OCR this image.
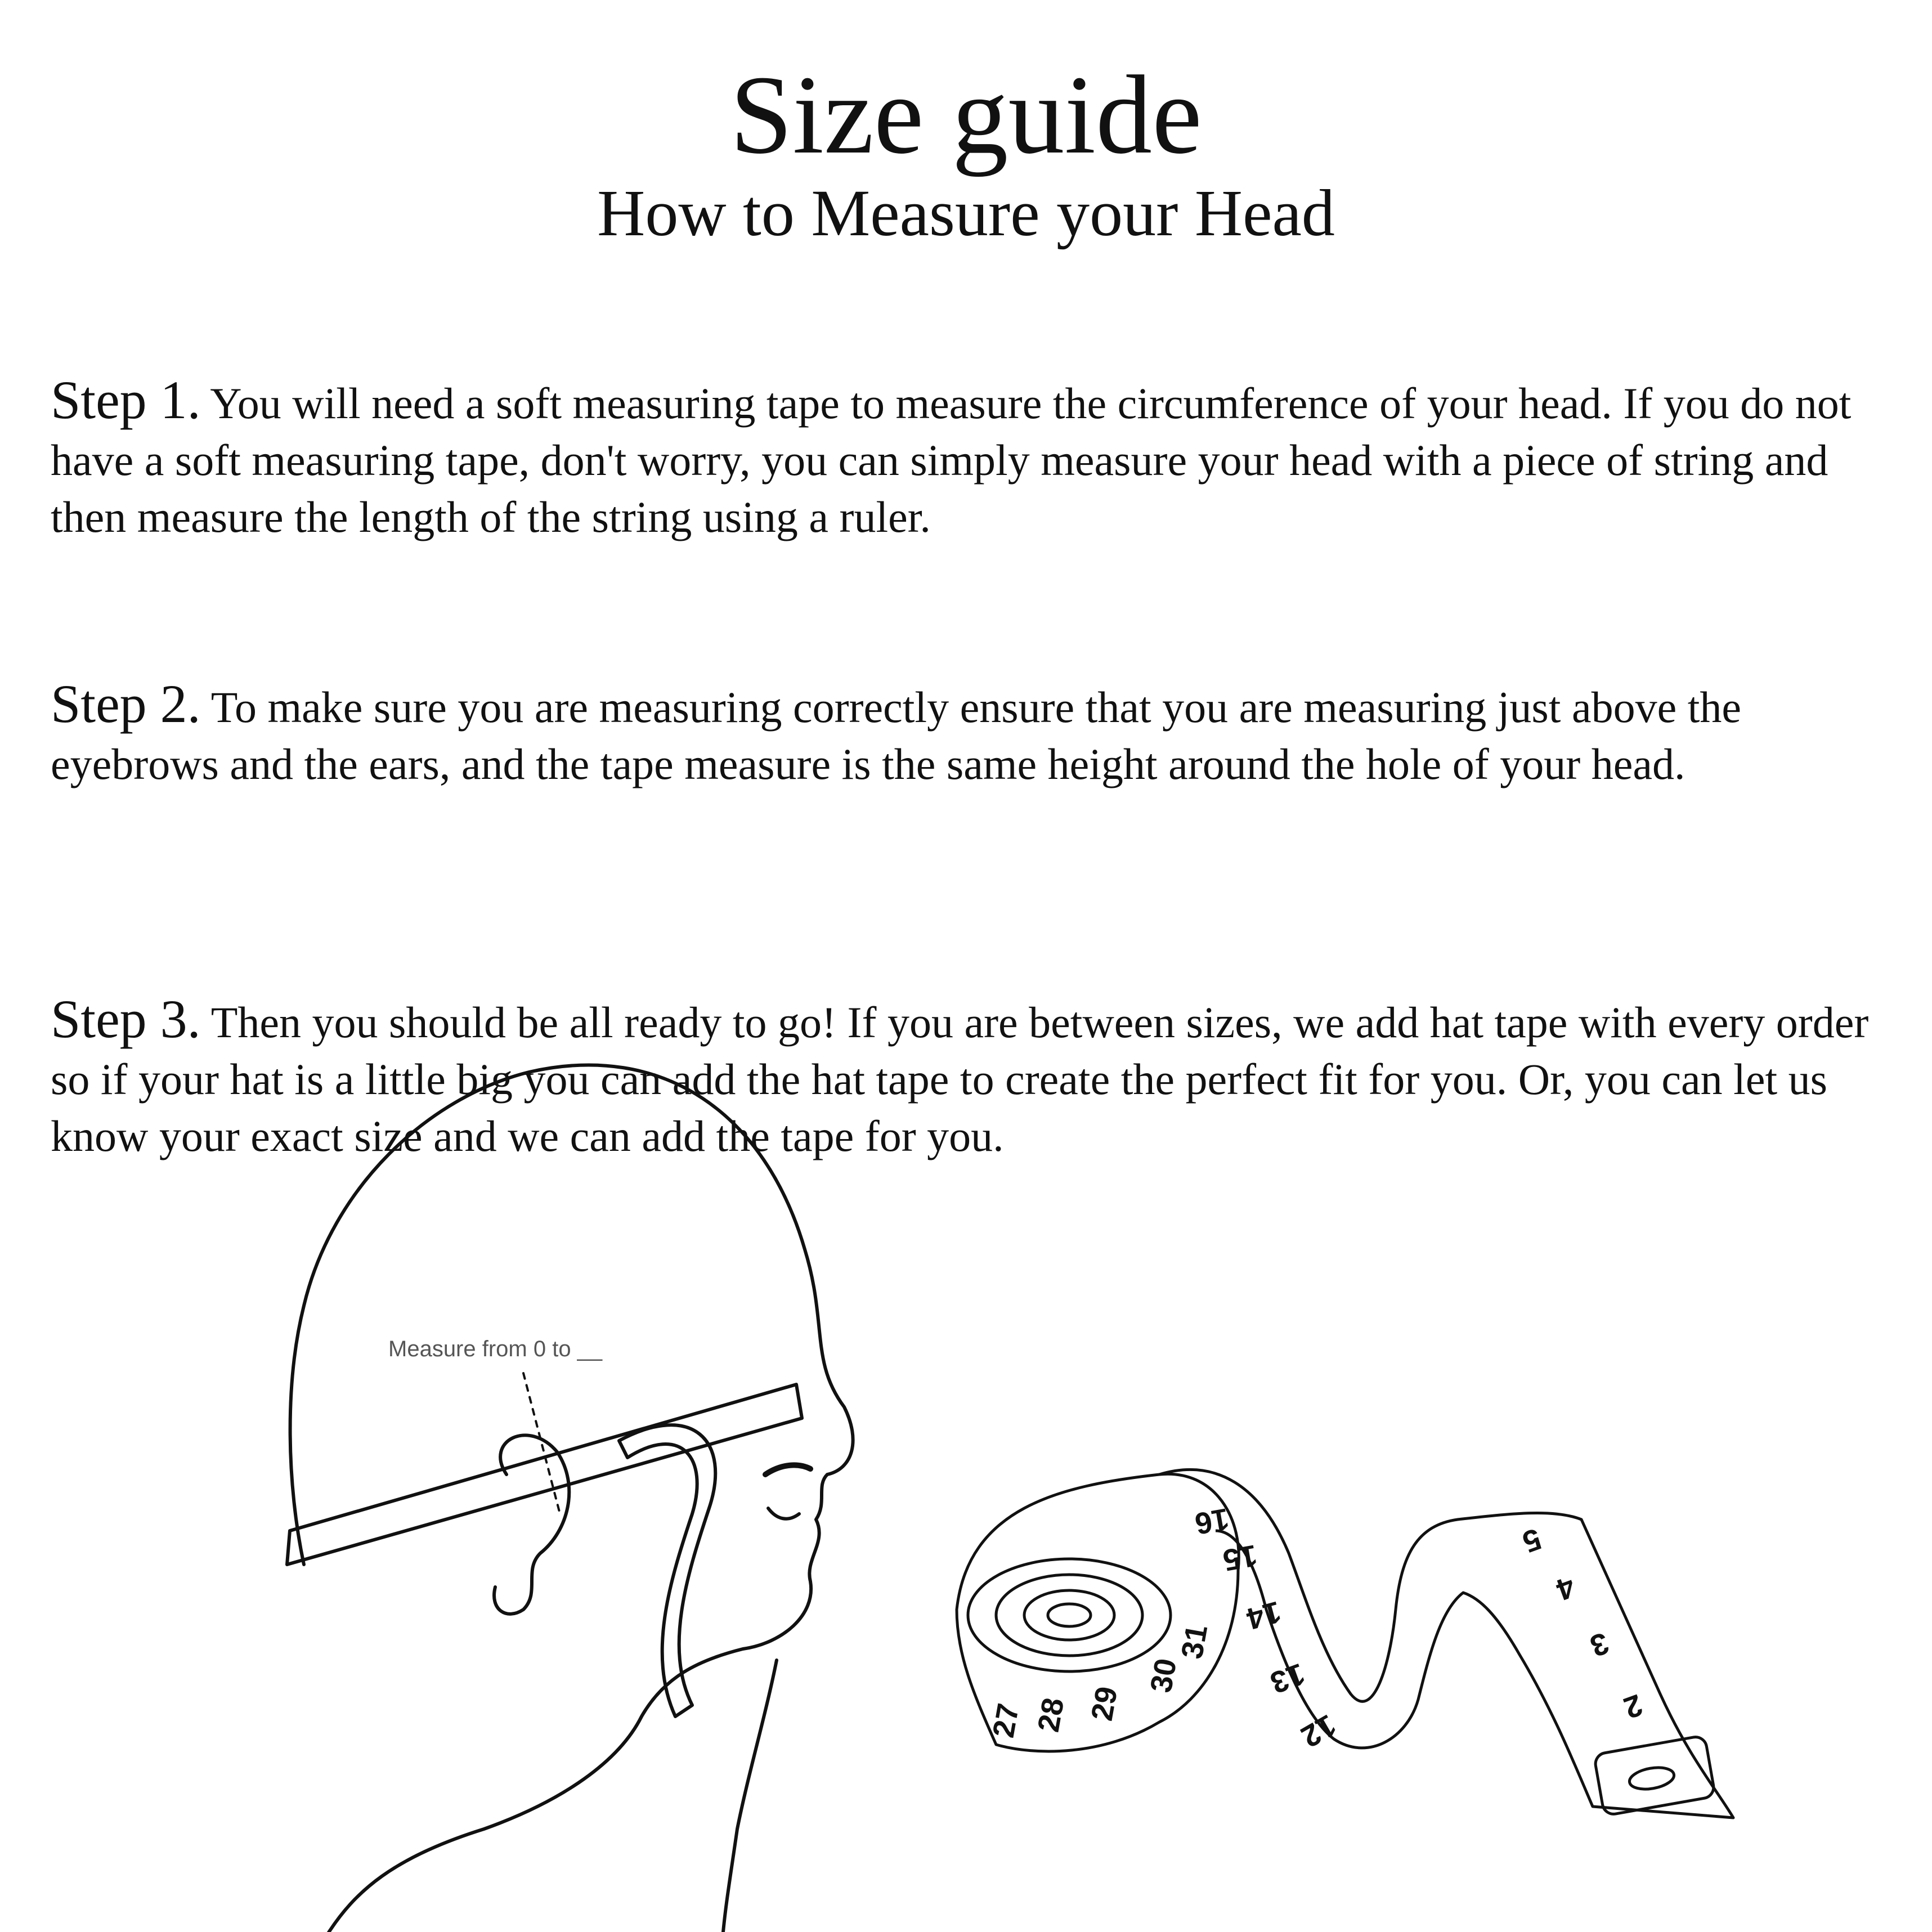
Size guide
How to Measure your Head

Step 1. You will need a soft measuring tape to measure the circumference of your head. If you do not have a soft measuring tape, don't worry, you can simply measure your head with a piece of string and then measure the length of the string using a ruler.

Step 2. To make sure you are measuring correctly ensure that you are measuring just above the eyebrows and the ears, and the tape measure is the same height around the hole of your head.

Step 3. Then you should be all ready to go! If you are between sizes, we add hat tape with every order so if your hat is a little big you can add the hat tape to create the perfect fit for you. Or, you can let us know your exact size and we can add the tape for you.

Measure from 0 to __
16
15
14
13
12
31
30
29
28
27
5
4
3
2
